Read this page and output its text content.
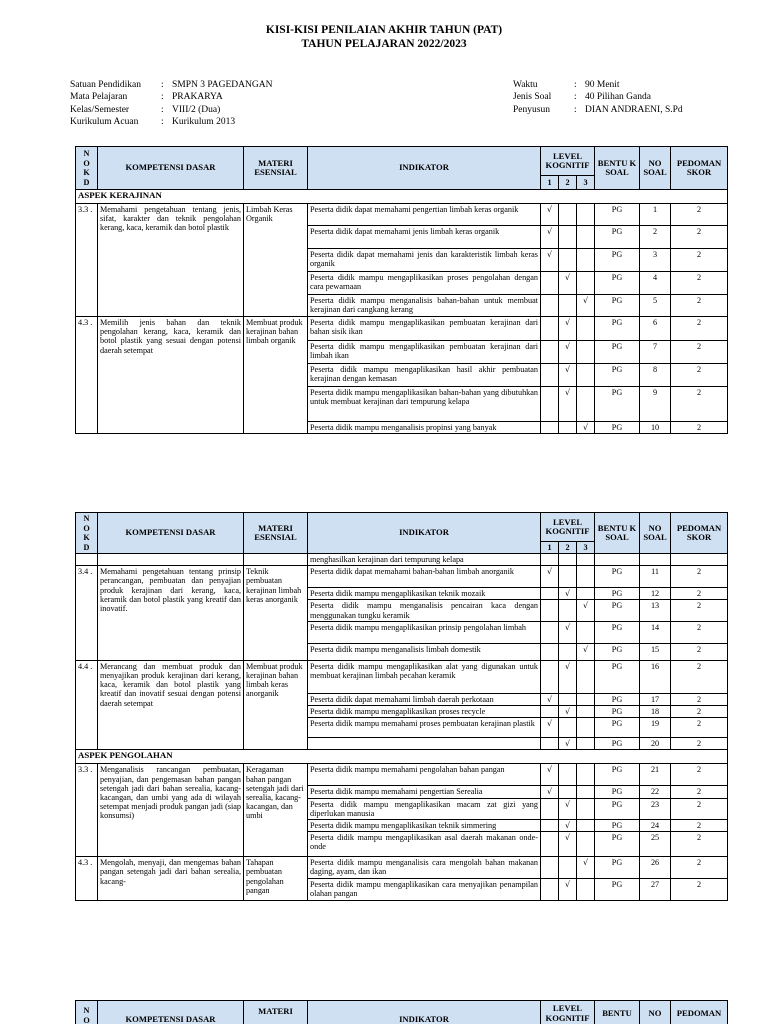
KISI-KISI PENILAIAN AKHIR TAHUN (PAT)
TAHUN PELAJARAN 2022/2023
Satuan Pendidikan	: SMPN 3 PAGEDANGAN
Mata Pelajaran	: PRAKARYA
Kelas/Semester	: VIII/2 (Dua)
Kurikulum Acuan	: Kurikulum 2013
Waktu	: 90 Menit
Jenis Soal	: 40 Pilihan Ganda
Penyusun	: DIAN ANDRAENI, S.Pd
N
O
K
D	KOMPETENSI DASAR	MATERI ESENSIAL	INDIKATOR	LEVEL KOGNITIF			BENTU K SOAL	NO SOAL	PEDOMAN SKOR
				1	2	3			
ASPEK KERAJINAN									
3.3 .	Memahami pengetahuan tentang jenis, sifat, karakter dan teknik pengolahan kerang, kaca, keramik dan botol plastik	Limbah Keras Organik	Peserta didik dapat memahami pengertian limbah keras organik	√			PG	1	2
			Peserta didik dapat memahami jenis limbah keras organik	√			PG	2	2
			Peserta didik dapat memahami jenis dan karakteristik limbah keras organik	√			PG	3	2
			Peserta didik mampu mengaplikasikan proses pengolahan dengan cara pewarnaan		√		PG	4	2
			Peserta didik mampu menganalisis bahan-bahan untuk membuat kerajinan dari cangkang kerang			√	PG	5	2
4.3 .	Memilih jenis bahan dan teknik pengolahan kerang, kaca, keramik dan botol plastik yang sesuai dengan potensi daerah setempat	Membuat produk kerajinan bahan limbah organik	Peserta didik mampu mengaplikasikan pembuatan kerajinan dari bahan sisik ikan		√		PG	6	2
			Peserta didik mampu mengaplikasikan pembuatan kerajinan dari limbah ikan		√		PG	7	2
			Peserta didik mampu mengaplikasikan hasil akhir pembuatan kerajinan dengan kemasan		√		PG	8	2
			Peserta didik mampu mengaplikasikan bahan-bahan yang dibutuhkan untuk membuat kerajinan dari tempurung kelapa		√		PG	9	2
			Peserta didik mampu menganalisis propinsi yang banyak			√	PG	10	2
N
O
K
D	KOMPETENSI DASAR	MATERI ESENSIAL	INDIKATOR	LEVEL KOGNITIF			BENTU K SOAL	NO SOAL	PEDOMAN SKOR
				1	2	3			
			menghasilkan kerajinan dari tempurung kelapa						
3.4 .	Memahami pengetahuan tentang prinsip perancangan, pembuatan dan penyajian produk kerajinan dari kerang, kaca, keramik dan botol plastik yang kreatif dan inovatif.	Teknik pembuatan kerajinan limbah keras anorganik	Peserta didik dapat memahami bahan-bahan limbah anorganik	√			PG	11	2
			Peserta didik mampu mengaplikasikan teknik mozaik		√		PG	12	2
			Peserta didik mampu menganalisis pencairan kaca dengan menggunakan tungku keramik			√	PG	13	2
			Peserta didik mampu mengaplikasikan prinsip pengolahan limbah		√		PG	14	2
			Peserta didik mampu menganalisis limbah domestik			√	PG	15	2
4.4 .	Merancang dan membuat produk dan menyajikan produk kerajinan dari kerang, kaca, keramik dan botol plastik yang kreatif dan inovatif sesuai dengan potensi daerah setempat	Membuat produk kerajinan bahan limbah keras anorganik	Peserta didik mampu mengaplikasikan alat yang digunakan untuk membuat kerajinan limbah pecahan keramik		√		PG	16	2
			Peserta didik dapat memahami limbah daerah perkotaan	√			PG	17	2
			Peserta didik mampu mengaplikasikan proses recycle		√		PG	18	2
			Peserta didik mampu memahami proses pembuatan kerajinan plastik	√			PG	19	2
					√		PG	20	2
ASPEK PENGOLAHAN									
3.3 .	Menganalisis rancangan pembuatan, penyajian, dan pengemasan bahan pangan setengah jadi dari bahan serealia, kacang-kacangan, dan umbi yang ada di wilayah setempat menjadi produk pangan jadi (siap konsumsi)	Keragaman bahan pangan setengah jadi dari serealia, kacang-kacangan, dan umbi	Peserta didik mampu memahami pengolahan bahan pangan	√			PG	21	2
			Peserta didik mampu memahami pengertian Serealia	√			PG	22	2
			Peserta didik mampu mengaplikasikan macam zat gizi yang diperlukan manusia		√		PG	23	2
			Peserta didik mampu mengaplikasikan teknik simmering		√		PG	24	2
			Peserta didik mampu mengaplikasikan asal daerah makanan onde-onde		√		PG	25	2
4.3 .	Mengolah, menyaji, dan mengemas bahan pangan setengah jadi dari bahan serealia, kacang-	Tahapan pembuatan pengolahan pangan	Peserta didik mampu menganalisis cara mengolah bahan makanan daging, ayam, dan ikan			√	PG	26	2
			Peserta didik mampu mengaplikasikan cara menyajikan penampilan olahan pangan		√		PG	27	2
N
O	KOMPETENSI DASAR	MATERI	INDIKATOR	LEVEL KOGNITIF	BENTU	NO	PEDOMAN
